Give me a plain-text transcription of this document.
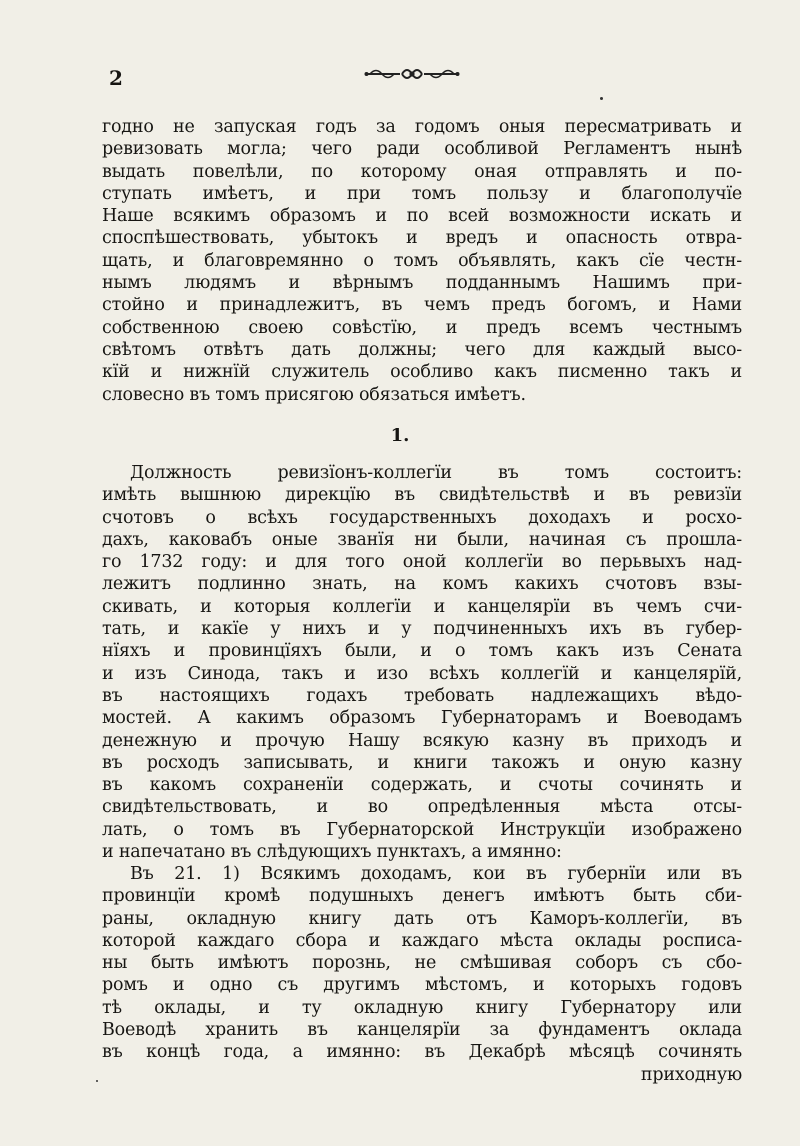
2
годно не запуская годъ за годомъ оныя пересматривать и
ревизовать могла; чего ради особливой Регламентъ нынѣ
выдать повелѣли, по которому оная отправлять и по-
ступать имѣетъ, и при томъ пользу и благополучїе
Наше всякимъ образомъ и по всей возможности искать и
споспѣшествовать, убытокъ и вредъ и опасность отвра-
щать, и благовремянно о томъ объявлять, какъ сїе честн-
нымъ людямъ и вѣрнымъ подданнымъ Нашимъ при-
стойно и принадлежитъ, въ чемъ предъ богомъ, и Нами
собственною своею совѣстїю, и предъ всемъ честнымъ
свѣтомъ отвѣтъ дать должны; чего для каждый высо-
кїй и нижнїй служитель особливо какъ писменно такъ и
словесно въ томъ присягою обязаться имѣетъ.
1.
Должность ревизїонъ-коллегїи въ томъ состоитъ:
имѣть вышнюю дирекцїю въ свидѣтельствѣ и въ ревизїи
счотовъ о всѣхъ государственныхъ доходахъ и росхо-
дахъ, каковабъ оные званїя ни были, начиная съ прошла-
го 1732 году: и для того оной коллегїи во перьвыхъ над-
лежитъ подлинно знать, на комъ какихъ счотовъ взы-
скивать, и которыя коллегїи и канцелярїи въ чемъ счи-
тать, и какїе у нихъ и у подчиненныхъ ихъ въ губер-
нїяхъ и провинцїяхъ были, и о томъ какъ изъ Сената
и изъ Синода, такъ и изо всѣхъ коллегїй и канцелярїй,
въ настоящихъ годахъ требовать надлежащихъ вѣдо-
мостей. А какимъ образомъ Губернаторамъ и Воеводамъ
денежную и прочую Нашу всякую казну въ приходъ и
въ росходъ записывать, и книги такожъ и оную казну
въ какомъ сохраненїи содержать, и счоты сочинять и
свидѣтельствовать, и во опредѣленныя мѣста отсы-
лать, о томъ въ Губернаторской Инструкцїи изображено
и напечатано въ слѣдующихъ пунктахъ, а имянно:
Въ 21. 1) Всякимъ доходамъ, кои въ губернїи или въ
провинцїи кромѣ подушныхъ денегъ имѣютъ быть сби-
раны, окладную книгу дать отъ Каморъ-коллегїи, въ
которой каждаго сбора и каждаго мѣста оклады росписа-
ны быть имѣютъ порознь, не смѣшивая соборъ съ сбо-
ромъ и одно съ другимъ мѣстомъ, и которыхъ годовъ
тѣ оклады, и ту окладную книгу Губернатору или
Воеводѣ хранить въ канцелярїи за фундаментъ оклада
въ концѣ года, а имянно: въ Декабрѣ мѣсяцѣ сочинять
приходную
